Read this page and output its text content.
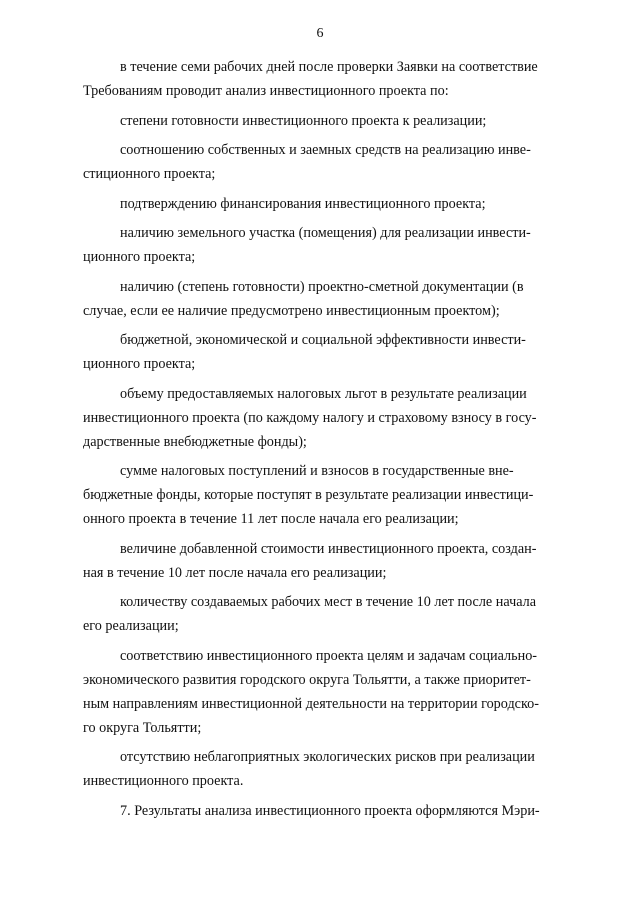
6

в течение семи рабочих дней после проверки Заявки на соответствие
Требованиям проводит анализ инвестиционного проекта по:

степени готовности инвестиционного проекта к реализации;

соотношению собственных и заемных средств на реализацию инве-
стиционного проекта;

подтверждению финансирования инвестиционного проекта;

наличию земельного участка (помещения) для реализации инвести-
ционного проекта;

наличию (степень готовности) проектно-сметной документации (в
случае, если ее наличие предусмотрено инвестиционным проектом);

бюджетной, экономической и социальной эффективности инвести-
ционного проекта;

объему предоставляемых налоговых льгот в результате реализации
инвестиционного проекта (по каждому налогу и страховому взносу в госу-
дарственные внебюджетные фонды);

сумме налоговых поступлений и взносов в государственные вне-
бюджетные фонды, которые поступят в результате реализации инвестици-
онного проекта в течение 11 лет после начала его реализации;

величине добавленной стоимости инвестиционного проекта, создан-
ная в течение 10 лет после начала его реализации;

количеству создаваемых рабочих мест в течение 10 лет после начала
его реализации;

соответствию инвестиционного проекта целям и задачам социально-
экономического развития городского округа Тольятти, а также приоритет-
ным направлениям инвестиционной деятельности на территории городско-
го округа Тольятти;

отсутствию неблагоприятных экологических рисков при реализации
инвестиционного проекта.

7. Результаты анализа инвестиционного проекта оформляются Мэри-
